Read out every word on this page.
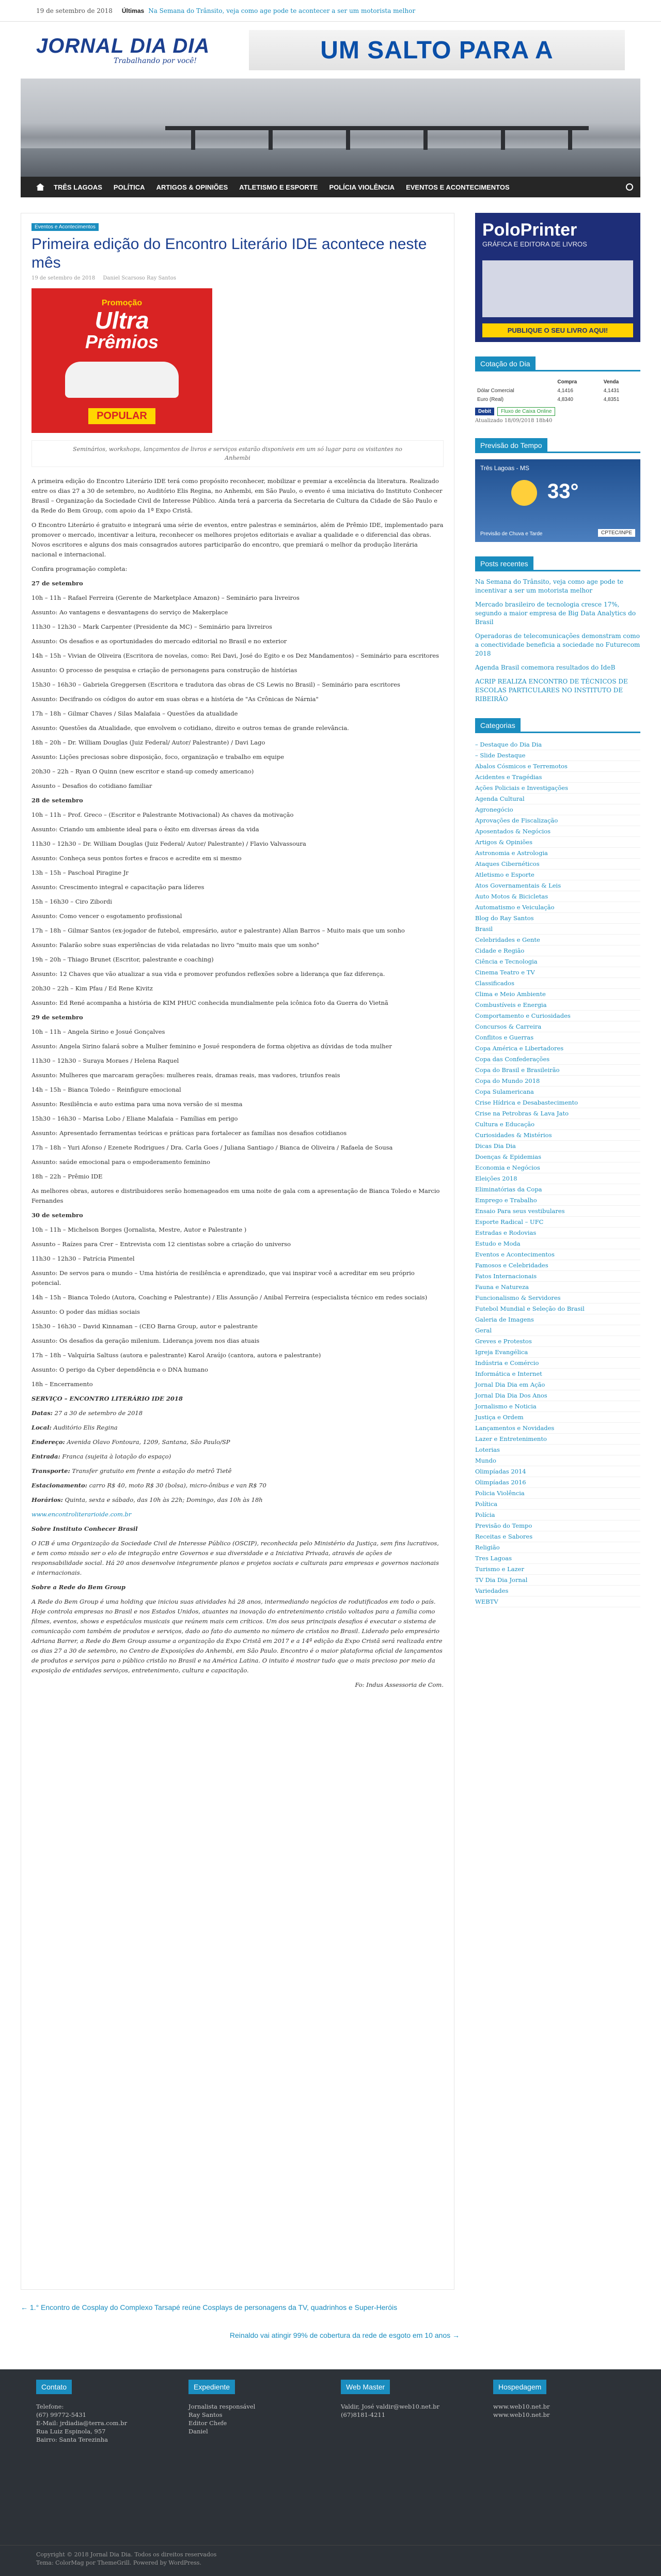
19 de setembro de 2018 Últimas Na Semana do Trânsito, veja como age pode te acontecer a ser um motorista melhor
JORNAL DIA DIA
Trabalhando por você!	UM SALTO PARA A
TRÊS LAGOAS POLÍTICA ARTIGOS & OPINIÕES ATLETISMO E ESPORTE POLÍCIA VIOLÊNCIA EVENTOS E ACONTECIMENTOS
Eventos e Acontecimentos
Primeira edição do Encontro Literário IDE acontece neste mês
19 de setembro de 2018 Daniel Scarsoso Ray Santos
Promoção
Ultra
Prêmios
POPULAR
Seminários, workshops, lançamentos de livros e serviços estarão disponíveis em um só lugar para os visitantes no Anhembi

A primeira edição do Encontro Literário IDE terá como propósito reconhecer, mobilizar e premiar a excelência da literatura. Realizado entre os dias 27 a 30 de setembro, no Auditório Elis Regina, no Anhembi, em São Paulo, o evento é uma iniciativa do Instituto Conhecer Brasil – Organização da Sociedade Civil de Interesse Público. Ainda terá a parceria da Secretaria de Cultura da Cidade de São Paulo e da Rede do Bem Group, com apoio da 1ª Expo Cristã.

O Encontro Literário é gratuito e integrará uma série de eventos, entre palestras e seminários, além de Prêmio IDE, implementado para promover o mercado, incentivar a leitura, reconhecer os melhores projetos editoriais e avaliar a qualidade e o diferencial das obras. Novos escritores e alguns dos mais consagrados autores participarão do encontro, que premiará o melhor da produção literária nacional e internacional.

Confira programação completa:

27 de setembro

10h – 11h – Rafael Ferreira (Gerente de Marketplace Amazon) – Seminário para livreiros

Assunto: Ao vantagens e desvantagens do serviço de Makerplace

11h30 – 12h30 – Mark Carpenter (Presidente da MC) – Seminário para livreiros

Assunto: Os desafios e as oportunidades do mercado editorial no Brasil e no exterior

14h – 15h – Vivian de Oliveira (Escritora de novelas, como: Rei Davi, José do Egito e os Dez Mandamentos) – Seminário para escritores

Assunto: O processo de pesquisa e criação de personagens para construção de histórias

15h30 – 16h30 – Gabriela Greggersen (Escritora e tradutora das obras de CS Lewis no Brasil) – Seminário para escritores

Assunto: Decifrando os códigos do autor em suas obras e a história de "As Crônicas de Nárnia"

17h – 18h – Gilmar Chaves / Silas Malafaia – Questões da atualidade

Assunto: Questões da Atualidade, que envolvem o cotidiano, direito e outros temas de grande relevância.

18h – 20h – Dr. William Douglas (Juiz Federal/ Autor/ Palestrante) / Davi Lago

Assunto: Lições preciosas sobre disposição, foco, organização e trabalho em equipe

20h30 – 22h – Ryan O Quinn (new escritor e stand-up comedy americano)

Assunto – Desafios do cotidiano familiar

28 de setembro

10h – 11h – Prof. Greco – (Escritor e Palestrante Motivacional) As chaves da motivação

Assunto: Criando um ambiente ideal para o êxito em diversas áreas da vida

11h30 – 12h30 – Dr. William Douglas (Juiz Federal/ Autor/ Palestrante) / Flavio Valvassoura

Assunto: Conheça seus pontos fortes e fracos e acredite em si mesmo

13h – 15h – Paschoal Piragine Jr

Assunto: Crescimento integral e capacitação para líderes

15h – 16h30 – Ciro Zibordi

Assunto: Como vencer o esgotamento profissional

17h – 18h – Gilmar Santos (ex-jogador de futebol, empresário, autor e palestrante) Allan Barros – Muito mais que um sonho

Assunto: Falarão sobre suas experiências de vida relatadas no livro "muito mais que um sonho"

19h – 20h – Thiago Brunet (Escritor, palestrante e coaching)

Assunto: 12 Chaves que vão atualizar a sua vida e promover profundos reflexões sobre a liderança que faz diferença.

20h30 – 22h – Kim Pfau / Ed Rene Kivitz

Assunto: Ed René acompanha a história de KIM PHUC conhecida mundialmente pela icônica foto da Guerra do Vietnã

29 de setembro

10h – 11h – Angela Sirino e Josué Gonçalves

Assunto: Angela Sirino falará sobre a Mulher feminino e Josué respondera de forma objetiva as dúvidas de toda mulher

11h30 – 12h30 – Suraya Moraes / Helena Raquel

Assunto: Mulheres que marcaram gerações: mulheres reais, dramas reais, mas vadores, triunfos reais

14h – 15h – Bianca Toledo – Reinfigure emocional

Assunto: Resiliência e auto estima para uma nova versão de si mesma

15h30 – 16h30 – Marisa Lobo / Eliane Malafaia – Famílias em perigo

Assunto: Apresentado ferramentas teóricas e práticas para fortalecer as famílias nos desafios cotidianos

17h – 18h – Yuri Afonso / Ezenete Rodrigues / Dra. Carla Goes / Juliana Santiago / Bianca de Oliveira / Rafaela de Sousa

Assunto: saúde emocional para o empoderamento feminino

18h – 22h – Prêmio IDE

As melhores obras, autores e distribuidores serão homenageados em uma noite de gala com a apresentação de Bianca Toledo e Marcio Fernandes

30 de setembro

10h – 11h – Michelson Borges (Jornalista, Mestre, Autor e Palestrante )

Assunto – Raízes para Crer – Entrevista com 12 cientistas sobre a criação do universo

11h30 – 12h30 – Patrícia Pimentel

Assunto: De servos para o mundo – Uma história de resiliência e aprendizado, que vai inspirar você a acreditar em seu próprio potencial.

14h – 15h – Bianca Toledo (Autora, Coaching e Palestrante) / Elis Assunção / Anibal Ferreira (especialista técnico em redes sociais)

Assunto: O poder das mídias sociais

15h30 – 16h30 – David Kinnaman – (CEO Barna Group, autor e palestrante

Assunto: Os desafios da geração milenium. Liderança jovem nos dias atuais

17h – 18h – Valquíria Saltuss (autora e palestrante) Karol Araújo (cantora, autora e palestrante)

Assunto: O perigo da Cyber dependência e o DNA humano

18h – Encerramento

SERVIÇO – ENCONTRO LITERÁRIO IDE 2018

Datas: 27 a 30 de setembro de 2018

Local: Auditório Elis Regina

Endereço: Avenida Olavo Fontoura, 1209, Santana, São Paulo/SP

Entrada: Franca (sujeita à lotação do espaço)

Transporte: Transfer gratuito em frente a estação do metrô Tietê

Estacionamento: carro R$ 40, moto R$ 30 (bolsa), micro-ônibus e van R$ 70

Horários: Quinta, sexta e sábado, das 10h às 22h; Domingo, das 10h às 18h

www.encontroliterarioide.com.br

Sobre Instituto Conhecer Brasil

O ICB é uma Organização da Sociedade Civil de Interesse Público (OSCIP), reconhecida pelo Ministério da Justiça, sem fins lucrativos, e tem como missão ser o elo de integração entre Governos e sua diversidade e a Iniciativa Privada, através de ações de responsabilidade social. Há 20 anos desenvolve integramente planos e projetos sociais e culturais para empresas e governos nacionais e internacionais.

Sobre a Rede do Bem Group

A Rede do Bem Group é uma holding que iniciou suas atividades há 28 anos, intermediando negócios de rodutificados em todo o país. Hoje controla empresas no Brasil e nos Estados Unidos, atuantes na inovação do entretenimento cristão voltados para a família como filmes, eventos, shows e espetáculos musicais que reúnem mais cem críticos. Um dos seus principais desafios é executar o sistema de comunicação com também de produtos e serviços, dado ao fato do aumento no número de cristãos no Brasil. Liderado pelo empresário Adriana Barrer, a Rede do Bem Group assume a organização da Expo Cristã em 2017 e a 14ª edição da Expo Cristã será realizada entre os dias 27 a 30 de setembro, no Centro de Exposições do Anhembi, em São Paulo. Encontro é o maior plataforma oficial de lançamentos de produtos e serviços para o público cristão no Brasil e na América Latina. O intuito é mostrar tudo que o mais precioso por meio da exposição de entidades serviços, entretenimento, cultura e capacitação.

Fo: Indus Assessoria de Com.

PoloPrinter
GRÁFICA E EDITORA DE LIVROS
PUBLIQUE O SEU LIVRO AQUI!
Cotação do Dia
	Compra	Venda
Dólar Comercial	4,1416	4,1431
Euro (Real)	4,8340	4,8351
Debit	Fluxo de Caixa Online
Atualizado 18/09/2018 18h40
Previsão do Tempo
Três Lagoas - MS
33°
Previsão de Chuva e Tarde	CPTEC/INPE
Posts recentes
Na Semana do Trânsito, veja como age pode te incentivar a ser um motorista melhor
Mercado brasileiro de tecnologia cresce 17%, segundo a maior empresa de Big Data Analytics do Brasil
Operadoras de telecomunicações demonstram como a conectividade beneficia a sociedade no Futurecom 2018
Agenda Brasil comemora resultados do IdeB
ACRIP REALIZA ENCONTRO DE TÉCNICOS DE ESCOLAS PARTICULARES NO INSTITUTO DE RIBEIRÃO
Categorias
– Destaque do Dia Dia
– Slide Destaque
Abalos Cósmicos e Terremotos
Acidentes e Tragédias
Ações Policiais e Investigações
Agenda Cultural
Agronegócio
Aprovações de Fiscalização
Aposentados & Negócios
Artigos & Opiniões
Astronomia e Astrologia
Ataques Cibernéticos
Atletismo e Esporte
Atos Governamentais & Leis
Auto Motos & Bicicletas
Automatismo e Veiculação
Blog do Ray Santos
Brasil
Celebridades e Gente
Cidade e Região
Ciência e Tecnologia
Cinema Teatro e TV
Classificados
Clima e Meio Ambiente
Combustíveis e Energia
Comportamento e Curiosidades
Concursos & Carreira
Conflitos e Guerras
Copa América e Libertadores
Copa das Confederações
Copa do Brasil e Brasileirão
Copa do Mundo 2018
Copa Sulamericana
Crise Hídrica e Desabastecimento
Crise na Petrobras & Lava Jato
Cultura e Educação
Curiosidades & Mistérios
Dicas Dia Dia
Doenças & Epidemias
Economia e Negócios
Eleições 2018
Eliminatórias da Copa
Emprego e Trabalho
Ensaio Para seus vestibulares
Esporte Radical – UFC
Estradas e Rodovias
Estudo e Moda
Eventos e Acontecimentos
Famosos e Celebridades
Fatos Internacionais
Fauna e Natureza
Funcionalismo & Servidores
Futebol Mundial e Seleção do Brasil
Galeria de Imagens
Geral
Greves e Protestos
Igreja Evangélica
Indústria e Comércio
Informática e Internet
Jornal Dia Dia em Ação
Jornal Dia Dia Dos Anos
Jornalismo e Noticia
Justiça e Ordem
Lançamentos e Novidades
Lazer e Entretenimento
Loterias
Mundo
Olimpíadas 2014
Olimpíadas 2016
Policia Violência
Política
Polícia
Previsão do Tempo
Receitas e Sabores
Religião
Tres Lagoas
Turismo e Lazer
TV Dia Dia Jornal
Variedades
WEBTV
← 1.° Encontro de Cosplay do Complexo Tarsapé reúne Cosplays de personagens da TV, quadrinhos e Super-Heróis
Reinaldo vai atingir 99% de cobertura da rede de esgoto em 10 anos →
Contato

Telefone:

(67) 99772-5431

E-Mail: jrdiadia@terra.com.br

Rua Luiz Espinola, 957

Bairro: Santa Terezinha

Expediente

Jornalista responsável

Ray Santos

Editor Chefe

Daniel

Web Master

Valdir, José valdir@web10.net.br

(67)8181-4211

Hospedagem

www.web10.net.br

www.web10.net.br

Copyright © 2018 Jornal Dia Dia. Todos os direitos reservados
Tema: ColorMag por ThemeGrill. Powered by WordPress.
